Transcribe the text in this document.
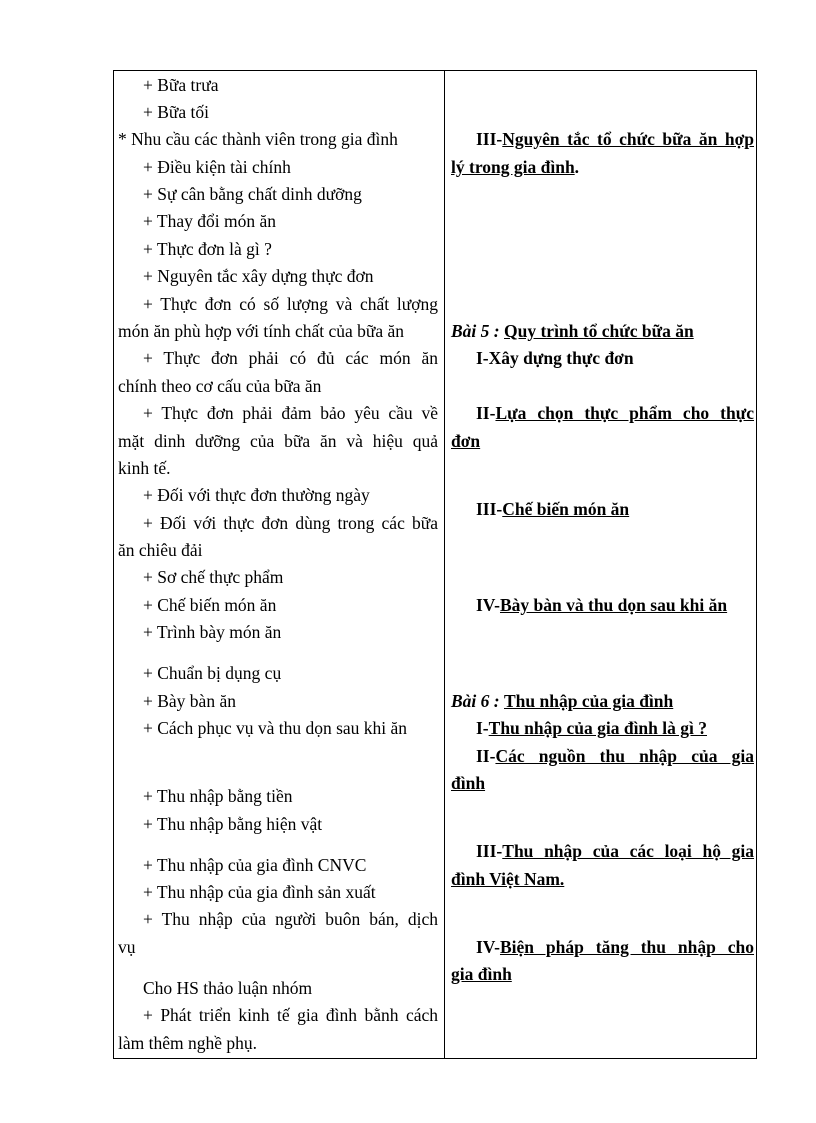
+ Bữa trưa
+ Bữa tối
* Nhu cầu các thành viên trong gia đình
+ Điều kiện tài chính
+ Sự cân bằng chất dinh dưỡng
+ Thay đổi món ăn
+ Thực đơn là gì ?
+ Nguyên tắc xây dựng thực đơn
+ Thực đơn có số lượng và chất lượng
món ăn phù hợp với tính chất của bữa ăn
+ Thực đơn phải có đủ các món ăn
chính theo cơ cấu của bữa ăn
+ Thực đơn phải đảm bảo yêu cầu về
mặt dinh dưỡng của bữa ăn và hiệu quả
kinh tế.
+ Đối với thực đơn thường ngày
+ Đối với thực đơn dùng trong các bữa
ăn chiêu đải
+ Sơ chế thực phẩm
+ Chế biến món ăn
+ Trình bày món ăn
+ Chuẩn bị dụng cụ
+ Bày bàn ăn
+ Cách phục vụ và thu dọn sau khi ăn
+ Thu nhập bằng tiền
+ Thu nhập bằng hiện vật
+ Thu nhập của gia đình CNVC
+ Thu nhập của gia đình sản xuất
+ Thu nhập của người buôn bán, dịch
vụ
Cho HS thảo luận nhóm
+ Phát triển kinh tế gia đình bằnh cách
làm thêm nghề phụ.
III-Nguyên tắc tổ chức bữa ăn hợp
lý trong gia đình.
Bài 5 : Quy trình tổ chức bữa ăn
I-Xây dựng thực đơn
II-Lựa chọn thực phẩm cho thực
đơn
III-Chế biến món ăn
IV-Bày bàn và thu dọn sau khi ăn
Bài 6 : Thu nhập của gia đình
I-Thu nhập của gia đình là gì ?
II-Các nguồn thu nhập của gia
đình
III-Thu nhập của các loại hộ gia
đình Việt Nam.
IV-Biện pháp tăng thu nhập cho
gia đình
